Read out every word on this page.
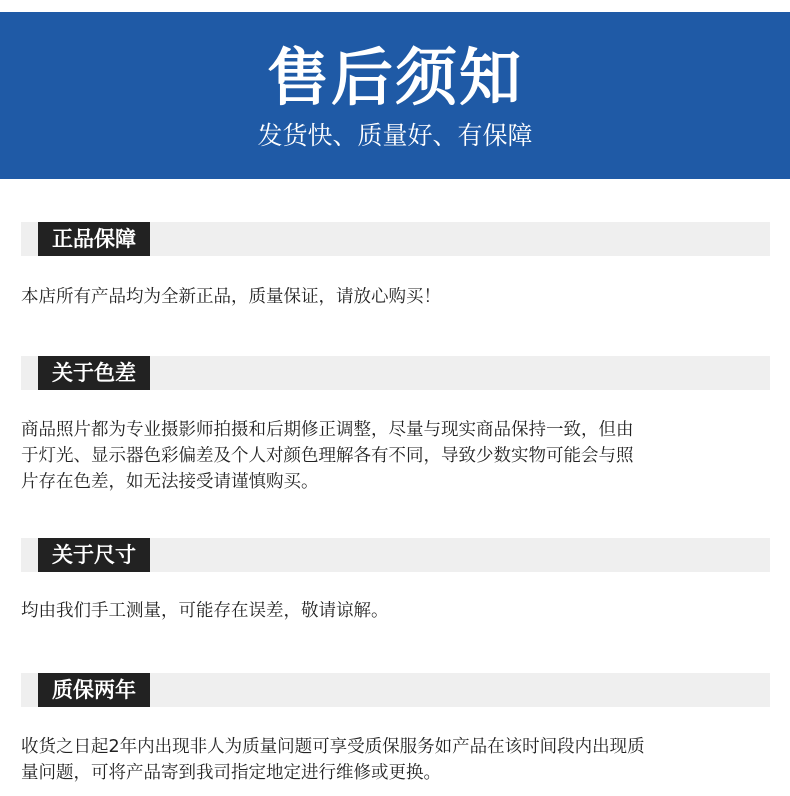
售后须知
发货快、质量好、有保障
正品保障
本店所有产品均为全新正品，质量保证，请放心购买！
关于色差
商品照片都为专业摄影师拍摄和后期修正调整，尽量与现实商品保持一致，但由
于灯光、显示器色彩偏差及个人对颜色理解各有不同，导致少数实物可能会与照
片存在色差，如无法接受请谨慎购买。
关于尺寸
均由我们手工测量，可能存在误差，敬请谅解。
质保两年
收货之日起2年内出现非人为质量问题可享受质保服务如产品在该时间段内出现质
量问题，可将产品寄到我司指定地定进行维修或更换。
